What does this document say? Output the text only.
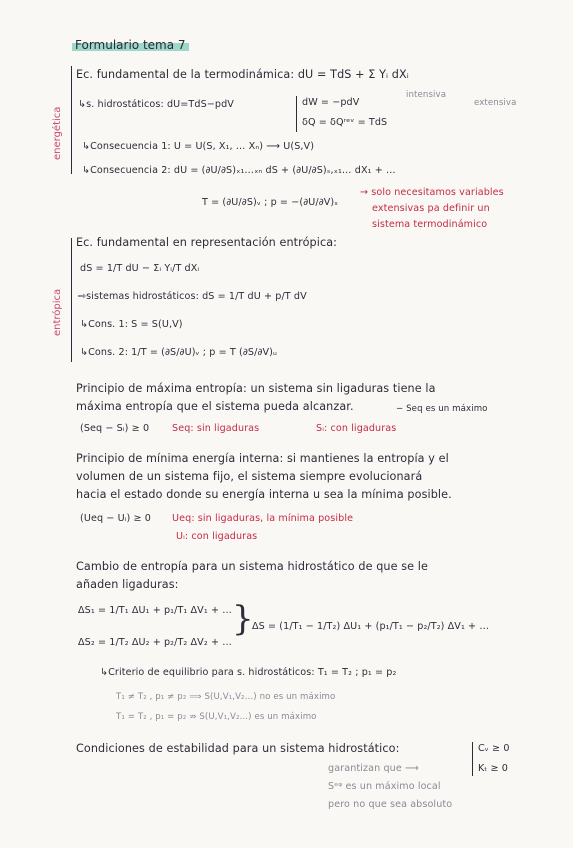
Formulario tema 7
energética
entrópica
Ec. fundamental de la termodinámica: dU = TdS + Σ Yᵢ dXᵢ
intensiva
extensiva
↳s. hidrostáticos: dU=TdS−pdV	dW = −pdV
δQ = δQʳᵉᵛ = TdS
↳Consecuencia 1: U = U(S, X₁, … Xₙ) ⟶ U(S,V)
↳Consecuencia 2: dU = (∂U/∂S)ₓ₁…ₓₙ dS + (∂U/∂S)ₛ,ₓ₁… dX₁ + …
T = (∂U/∂S)ᵥ ; p = −(∂U/∂V)ₛ
→ solo necesitamos variables
extensivas pa definir un
sistema termodinámico
Ec. fundamental en representación entrópica:
dS = 1/T dU − Σᵢ Yᵢ/T dXᵢ
⇨sistemas hidrostáticos: dS = 1/T dU + p/T dV
↳Cons. 1: S = S(U,V)
↳Cons. 2: 1/T = (∂S/∂U)ᵥ ; p = T (∂S/∂V)ᵤ
Principio de máxima entropía: un sistema sin ligaduras tiene la
máxima entropía que el sistema pueda alcanzar.	− Seq es un máximo
(Seq − Sᵢ) ≥ 0 Seq: sin ligaduras	Sᵢ: con ligaduras
Principio de mínima energía interna: si mantienes la entropía y el
volumen de un sistema fijo, el sistema siempre evolucionará
hacia el estado donde su energía interna u sea la mínima posible.
(Ueq − Uᵢ) ≥ 0 Ueq: sin ligaduras, la mínima posible
Uᵢ: con ligaduras
Cambio de entropía para un sistema hidrostático de que se le
añaden ligaduras:
ΔS₁ = 1/T₁ ΔU₁ + p₁/T₁ ΔV₁ + …
ΔS₂ = 1/T₂ ΔU₂ + p₂/T₂ ΔV₂ + …
}
ΔS = (1/T₁ − 1/T₂) ΔU₁ + (p₁/T₁ − p₂/T₂) ΔV₁ + …
↳Criterio de equilibrio para s. hidrostáticos: T₁ = T₂ ; p₁ = p₂
T₁ ≠ T₂ , p₁ ≠ p₂ ⟹ S(U,V₁,V₂…) no es un máximo
T₁ = T₂ , p₁ = p₂ ⇏ S(U,V₁,V₂…) es un máximo
Condiciones de estabilidad para un sistema hidrostático:	Cᵥ ≥ 0
Kₜ ≥ 0
garantizan que ⟶
Sᵉᵠ es un máximo local
pero no que sea absoluto
